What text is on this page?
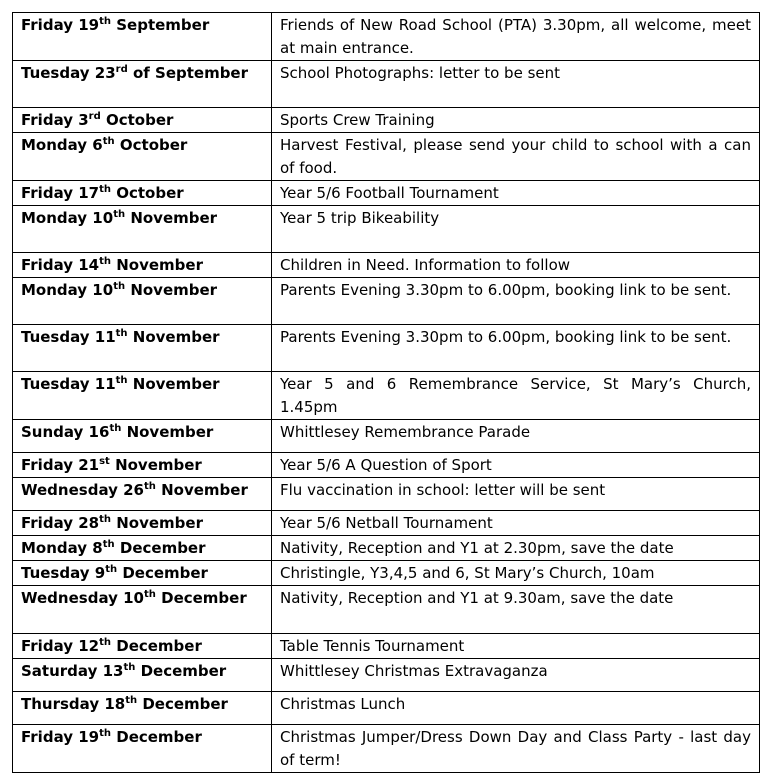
Friday 19th September	Friends of New Road School (PTA) 3.30pm, all welcome, meet at main entrance.
Tuesday 23rd of September	School Photographs: letter to be sent
Friday 3rd October	Sports Crew Training
Monday 6th October	Harvest Festival, please send your child to school with a can of food.
Friday 17th October	Year 5/6 Football Tournament
Monday 10th November	Year 5 trip Bikeability
Friday 14th November	Children in Need. Information to follow
Monday 10th November	Parents Evening 3.30pm to 6.00pm, booking link to be sent.
Tuesday 11th November	Parents Evening 3.30pm to 6.00pm, booking link to be sent.
Tuesday 11th November	Year 5 and 6 Remembrance Service, St Mary’s Church, 1.45pm
Sunday 16th November	Whittlesey Remembrance Parade
Friday 21st November	Year 5/6 A Question of Sport
Wednesday 26th November	Flu vaccination in school: letter will be sent
Friday 28th November	Year 5/6 Netball Tournament
Monday 8th December	Nativity, Reception and Y1 at 2.30pm, save the date
Tuesday 9th December	Christingle, Y3,4,5 and 6, St Mary’s Church, 10am
Wednesday 10th December	Nativity, Reception and Y1 at 9.30am, save the date
Friday 12th December	Table Tennis Tournament
Saturday 13th December	Whittlesey Christmas Extravaganza
Thursday 18th December	Christmas Lunch
Friday 19th December	Christmas Jumper/Dress Down Day and Class Party - last day of term!
